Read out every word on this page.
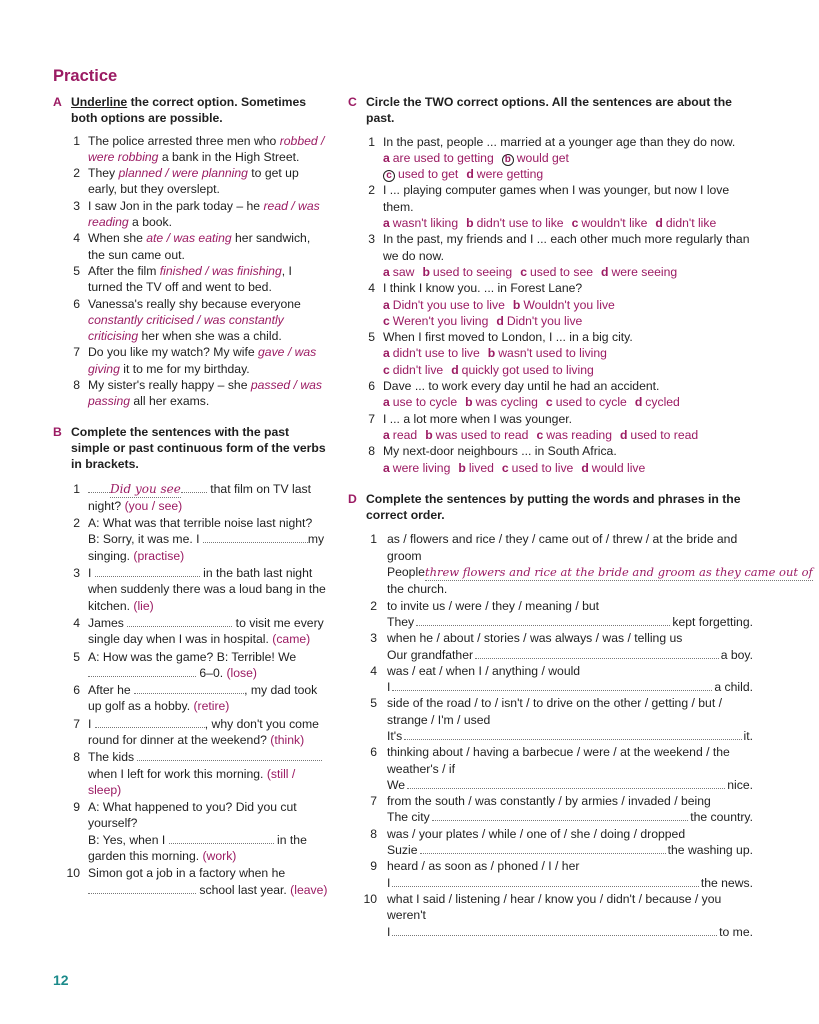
Practice
A Underline the correct option. Sometimes both options are possible.
1 The police arrested three men who robbed / were robbing a bank in the High Street.
2 They planned / were planning to get up early, but they overslept.
3 I saw Jon in the park today – he read / was reading a book.
4 When she ate / was eating her sandwich, the sun came out.
5 After the film finished / was finishing, I turned the TV off and went to bed.
6 Vanessa's really shy because everyone constantly criticised / was constantly criticising her when she was a child.
7 Do you like my watch? My wife gave / was giving it to me for my birthday.
8 My sister's really happy – she passed / was passing all her exams.
B Complete the sentences with the past simple or past continuous form of the verbs in brackets.
1	Did you see that film on TV last night? (you / see)
2 A: What was that terrible noise last night?
B: Sorry, it was me. I	my singing. (practise)
3 I	in the bath last night when suddenly there was a loud bang in the kitchen. (lie)
4 James	to visit me every single day when I was in hospital. (came)
5 A: How was the game? B: Terrible! We 6–0. (lose)
6 After he	, my dad took up golf as a hobby. (retire)
7 I	, why don't you come round for dinner at the weekend? (think)
8 The kids when I left for work this morning. (still / sleep)
9 A: What happened to you? Did you cut yourself?
B: Yes, when I	in the garden this morning. (work)
10 Simon got a job in a factory when he school last year. (leave)
C Circle the TWO correct options. All the sentences are about the past.
1 In the past, people ... married at a younger age than they do now.
a are used to getting b would get
c used to get d were getting
2 I ... playing computer games when I was younger, but now I love them.
a wasn't liking b didn't use to like c wouldn't like d didn't like
3 In the past, my friends and I ... each other much more regularly than we do now.
a saw b used to seeing c used to see d were seeing
4 I think I know you. ... in Forest Lane?
a Didn't you use to live b Wouldn't you live
c Weren't you living d Didn't you live
5 When I first moved to London, I ... in a big city.
a didn't use to live b wasn't used to living
c didn't live d quickly got used to living
6 Dave ... to work every day until he had an accident.
a use to cycle b was cycling c used to cycle d cycled
7 I ... a lot more when I was younger.
a read b was used to read c was reading d used to read
8 My next-door neighbours ... in South Africa.
a were living b lived c used to live d would live
D Complete the sentences by putting the words and phrases in the correct order.
1 as / flowers and rice / they / came out of / threw / at the bride and groom
People threw flowers and rice at the bride and groom as they came out of
the church.
2 to invite us / were / they / meaning / but
They	kept forgetting.
3 when he / about / stories / was always / was / telling us
Our grandfather	a boy.
4 was / eat / when I / anything / would
I	a child.
5 side of the road / to / isn't / to drive on the other / getting / but / strange / I'm / used
It's	it.
6 thinking about / having a barbecue / were / at the weekend / the weather's / if
We	nice.
7 from the south / was constantly / by armies / invaded / being
The city	the country.
8 was / your plates / while / one of / she / doing / dropped
Suzie	the washing up.
9 heard / as soon as / phoned / I / her
I	the news.
10 what I said / listening / hear / know you / didn't / because / you weren't
I	to me.
12
